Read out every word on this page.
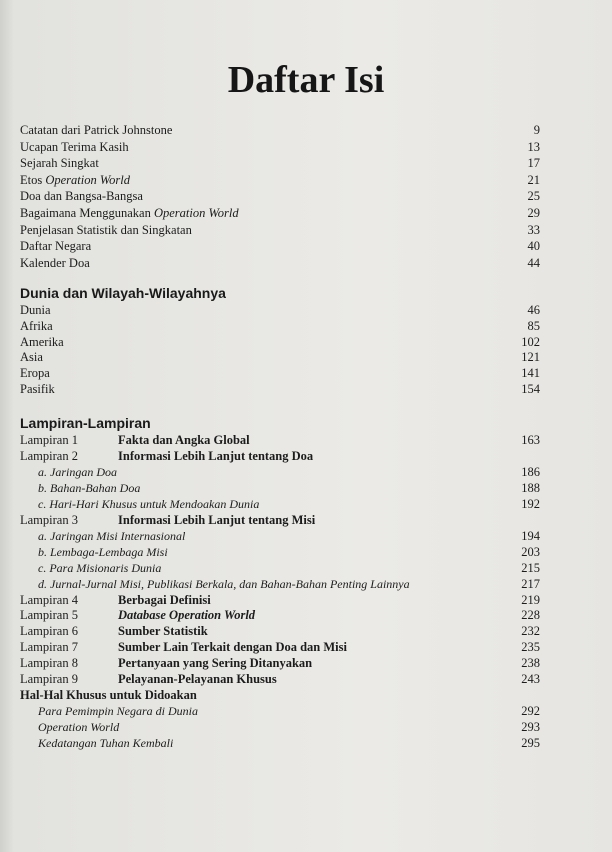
Daftar Isi
Catatan dari Patrick Johnstone	9
Ucapan Terima Kasih	13
Sejarah Singkat	17
Etos Operation World	21
Doa dan Bangsa-Bangsa	25
Bagaimana Menggunakan Operation World	29
Penjelasan Statistik dan Singkatan	33
Daftar Negara	40
Kalender Doa	44
Dunia dan Wilayah-Wilayahnya
Dunia	46
Afrika	85
Amerika	102
Asia	121
Eropa	141
Pasifik	154
Lampiran-Lampiran
Lampiran 1	Fakta dan Angka Global	163
Lampiran 2	Informasi Lebih Lanjut tentang Doa
a. Jaringan Doa	186
b. Bahan-Bahan Doa	188
c. Hari-Hari Khusus untuk Mendoakan Dunia	192
Lampiran 3	Informasi Lebih Lanjut tentang Misi
a. Jaringan Misi Internasional	194
b. Lembaga-Lembaga Misi	203
c. Para Misionaris Dunia	215
d. Jurnal-Jurnal Misi, Publikasi Berkala, dan Bahan-Bahan Penting Lainnya	217
Lampiran 4	Berbagai Definisi	219
Lampiran 5	Database Operation World	228
Lampiran 6	Sumber Statistik	232
Lampiran 7	Sumber Lain Terkait dengan Doa dan Misi	235
Lampiran 8	Pertanyaan yang Sering Ditanyakan	238
Lampiran 9	Pelayanan-Pelayanan Khusus	243
Hal-Hal Khusus untuk Didoakan
Para Pemimpin Negara di Dunia	292
Operation World	293
Kedatangan Tuhan Kembali	295
